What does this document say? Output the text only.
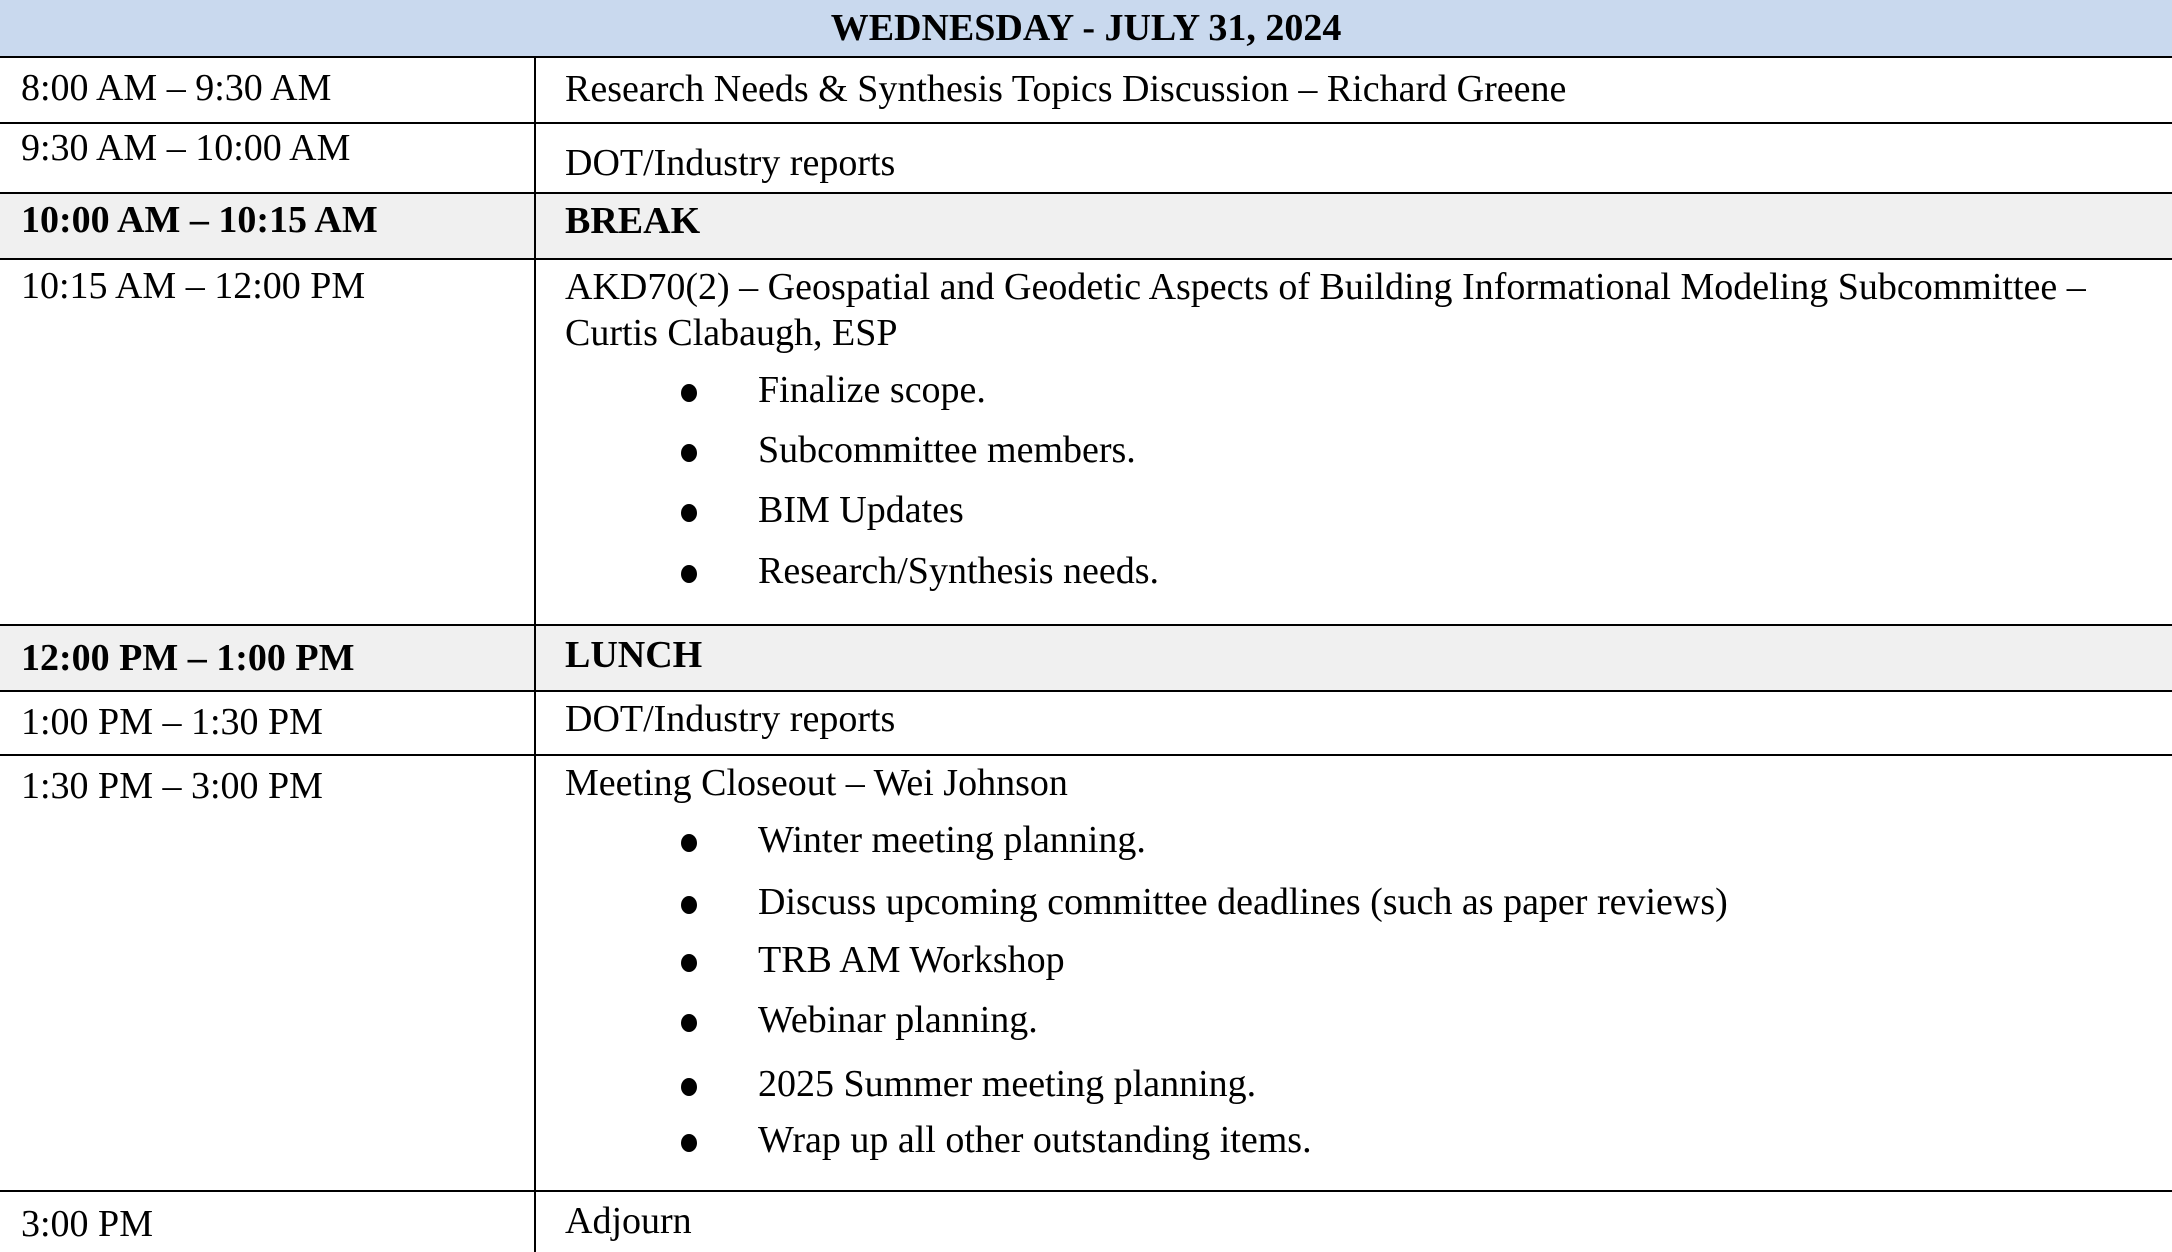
WEDNESDAY - JULY 31, 2024
8:00 AM – 9:30 AM	Research Needs & Synthesis Topics Discussion – Richard Greene
9:30 AM – 10:00 AM	DOT/Industry reports
10:00 AM – 10:15 AM	BREAK
10:15 AM – 12:00 PM	AKD70(2) – Geospatial and Geodetic Aspects of Building Informational Modeling Subcommittee –
Curtis Clabaugh, ESP
Finalize scope.
Subcommittee members.
BIM Updates
Research/Synthesis needs.
12:00 PM – 1:00 PM	LUNCH
1:00 PM – 1:30 PM	DOT/Industry reports
1:30 PM – 3:00 PM	Meeting Closeout – Wei Johnson
Winter meeting planning.
Discuss upcoming committee deadlines (such as paper reviews)
TRB AM Workshop
Webinar planning.
2025 Summer meeting planning.
Wrap up all other outstanding items.
3:00 PM	Adjourn
